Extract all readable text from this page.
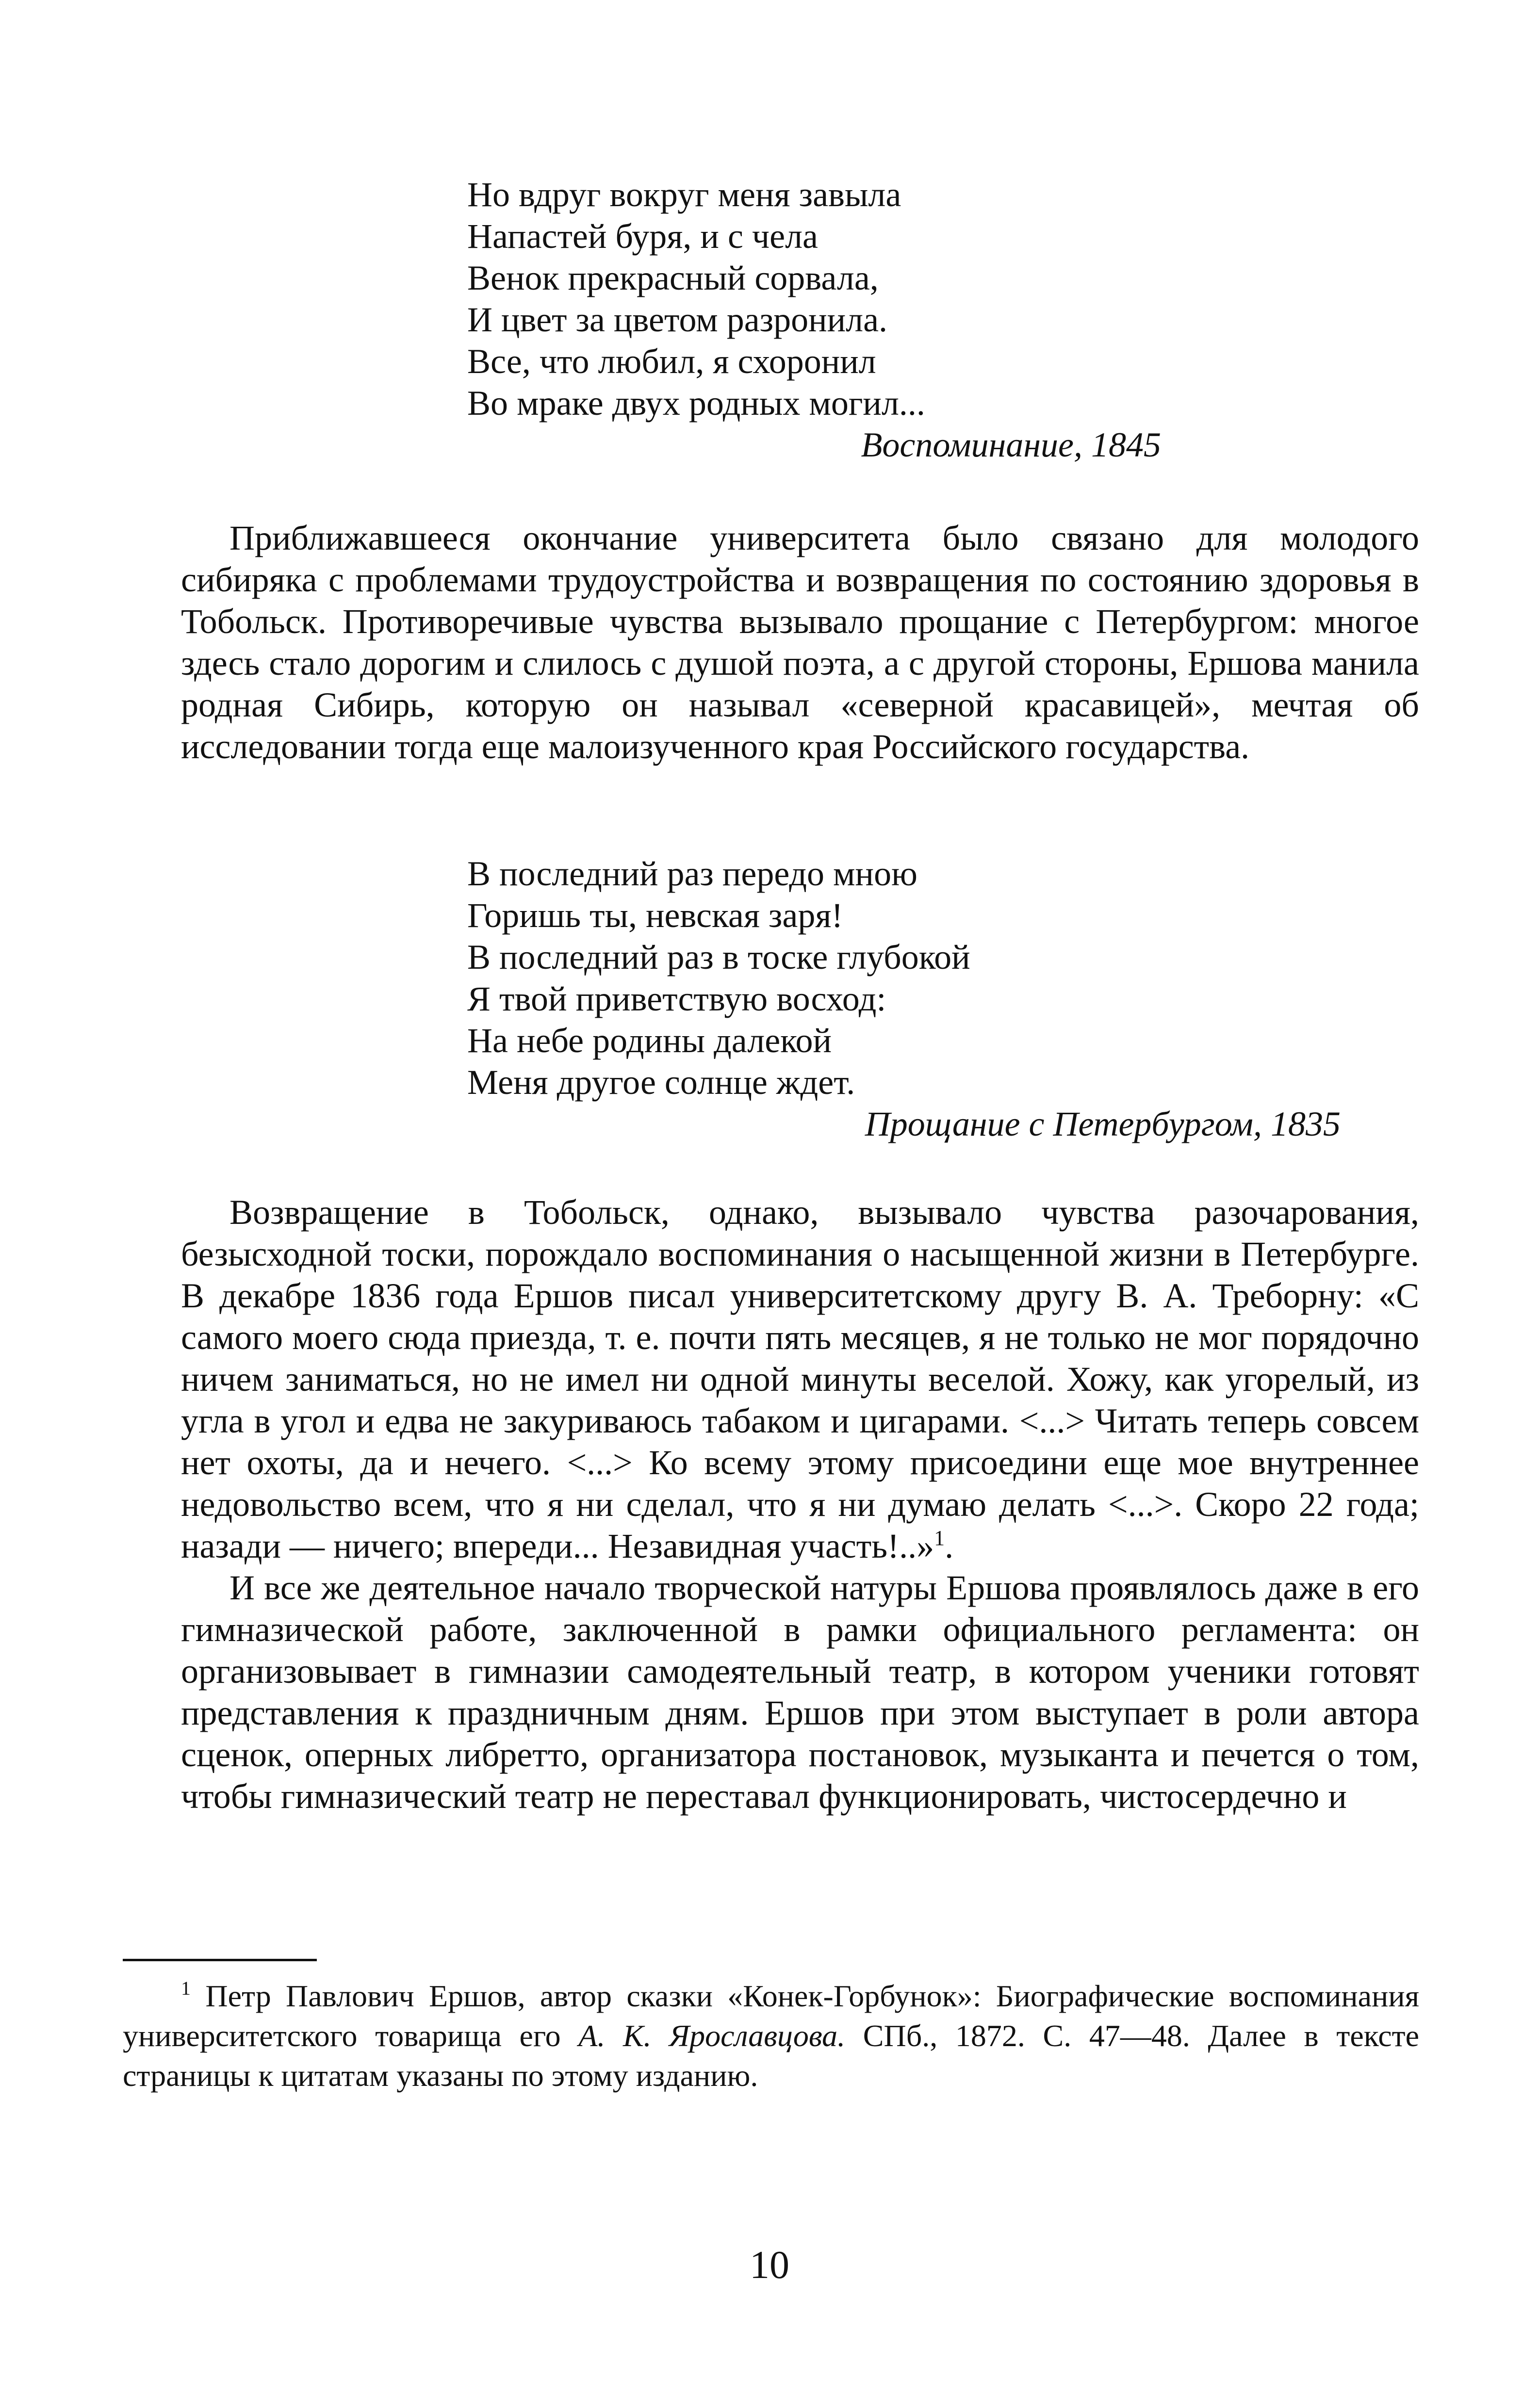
Но вдруг вокруг меня завыла
Напастей буря, и с чела
Венок прекрасный сорвала,
И цвет за цветом разронила.
Все, что любил, я схоронил
Во мраке двух родных могил...
Воспоминание, 1845

Приближавшееся окончание университета было связано для молодого сибиряка с проблемами трудоустройства и возвращения по состоянию здоровья в Тобольск. Противоречивые чувства вызывало прощание с Петербургом: многое здесь стало дорогим и слилось с душой поэта, а с другой стороны, Ершова манила родная Сибирь, которую он называл «северной красавицей», мечтая об исследовании тогда еще малоизученного края Российского государства.

В последний раз передо мною
Горишь ты, невская заря!
В последний раз в тоске глубокой
Я твой приветствую восход:
На небе родины далекой
Меня другое солнце ждет.
Прощание с Петербургом, 1835

Возвращение в Тобольск, однако, вызывало чувства разочарования, безысходной тоски, порождало воспоминания о насыщенной жизни в Петербурге. В декабре 1836 года Ершов писал университетскому другу В. А. Треборну: «С самого моего сюда приезда, т. е. почти пять месяцев, я не только не мог порядочно ничем заниматься, но не имел ни одной минуты веселой. Хожу, как угорелый, из угла в угол и едва не закуриваюсь табаком и цигарами. <...> Читать теперь совсем нет охоты, да и нечего. <...> Ко всему этому присоедини еще мое внутреннее недовольство всем, что я ни сделал, что я ни думаю делать <...>. Скоро 22 года; назади — ничего; впереди... Незавидная участь!..»$^1$.

И все же деятельное начало творческой натуры Ершова проявлялось даже в его гимназической работе, заключенной в рамки официального регламента: он организовывает в гимназии самодеятельный театр, в котором ученики готовят представления к праздничным дням. Ершов при этом выступает в роли автора сценок, оперных либретто, организатора постановок, музыканта и печется о том, чтобы гимназический театр не переставал функционировать, чистосердечно и

$^1$ Петр Павлович Ершов, автор сказки «Конек-Горбунок»: Биографические воспоминания университетского товарища его А. К. Ярославцова. СПб., 1872. С. 47—48. Далее в тексте страницы к цитатам указаны по этому изданию.
10
